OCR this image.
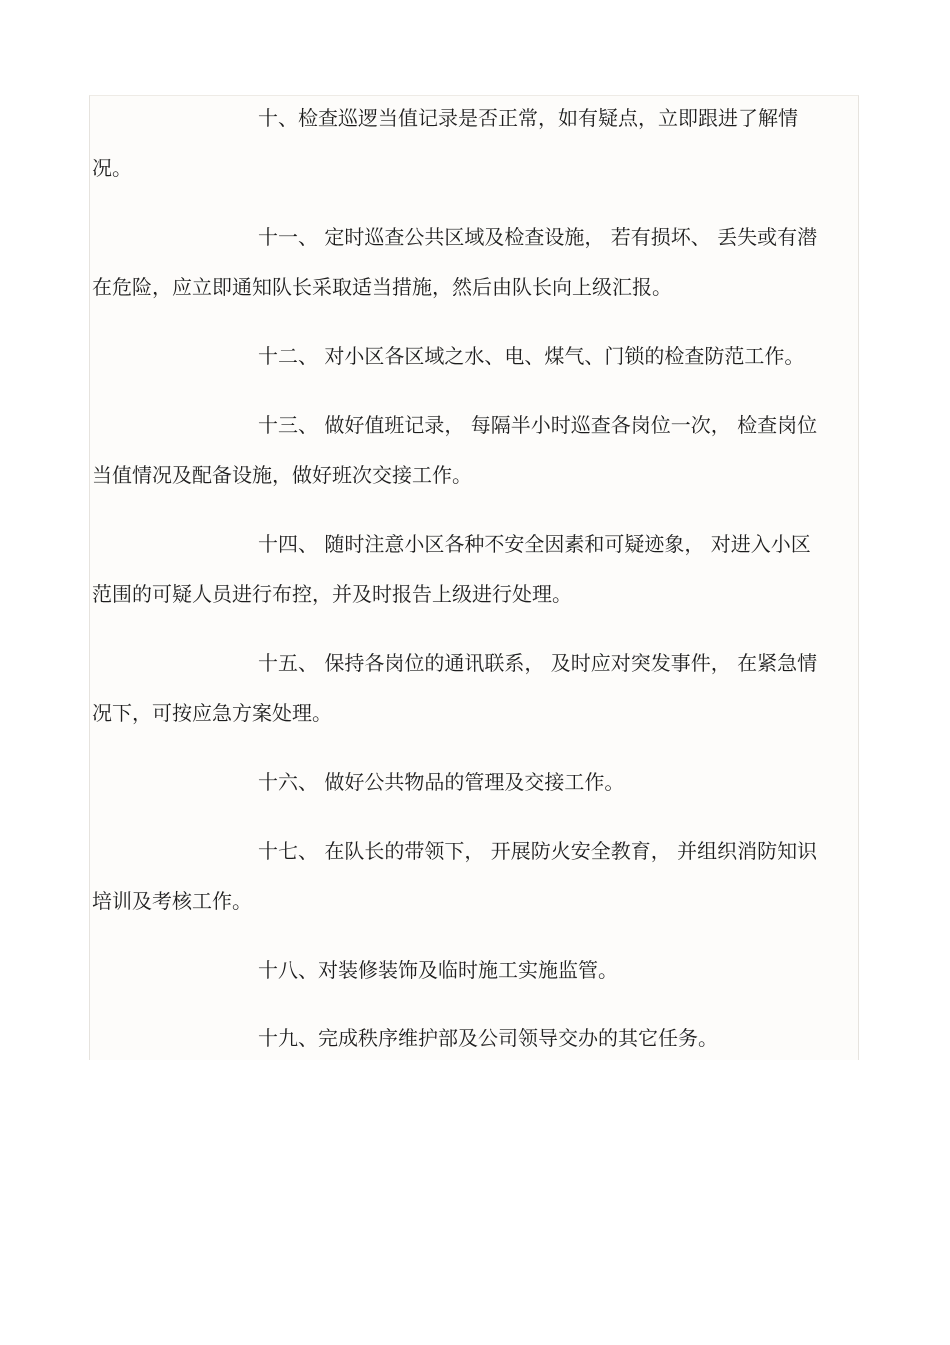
十、检查巡逻当值记录是否正常，如有疑点，立即跟进了解情
况。
十一、 定时巡查公共区域及检查设施， 若有损坏、 丢失或有潜
在危险，应立即通知队长采取适当措施，然后由队长向上级汇报。
十二、 对小区各区域之水、电、煤气、门锁的检查防范工作。
十三、 做好值班记录， 每隔半小时巡查各岗位一次， 检查岗位
当值情况及配备设施，做好班次交接工作。
十四、 随时注意小区各种不安全因素和可疑迹象， 对进入小区
范围的可疑人员进行布控，并及时报告上级进行处理。
十五、 保持各岗位的通讯联系， 及时应对突发事件， 在紧急情
况下，可按应急方案处理。
十六、 做好公共物品的管理及交接工作。
十七、 在队长的带领下， 开展防火安全教育， 并组织消防知识
培训及考核工作。
十八、对装修装饰及临时施工实施监管。
十九、完成秩序维护部及公司领导交办的其它任务。
